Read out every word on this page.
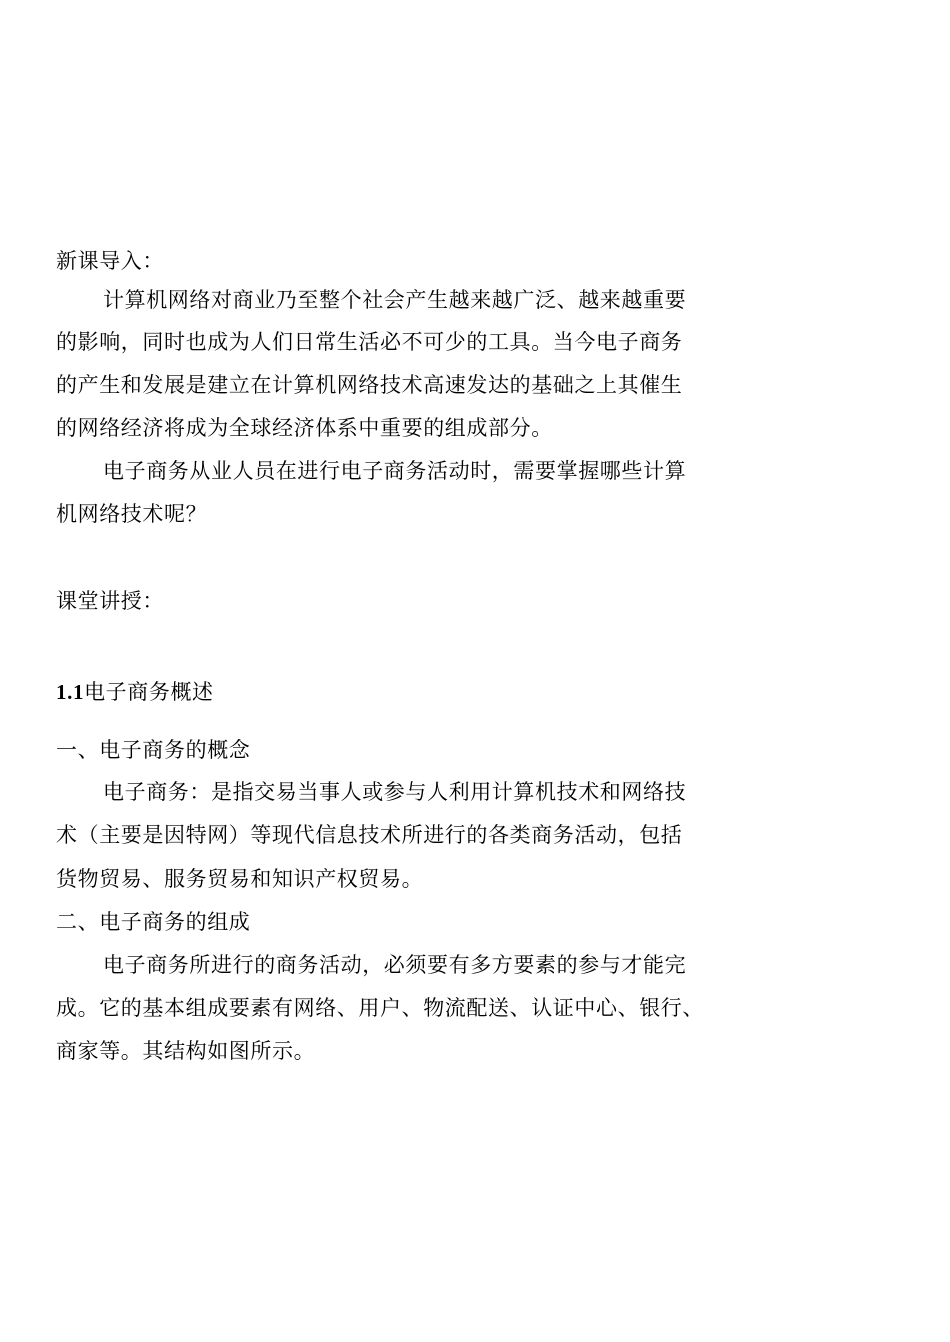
新课导入：
计算机网络对商业乃至整个社会产生越来越广泛、越来越重要
的影响，同时也成为人们日常生活必不可少的工具。当今电子商务
的产生和发展是建立在计算机网络技术高速发达的基础之上其催生
的网络经济将成为全球经济体系中重要的组成部分。
电子商务从业人员在进行电子商务活动时，需要掌握哪些计算
机网络技术呢？
课堂讲授：
1.1电子商务概述
一、电子商务的概念
电子商务：是指交易当事人或参与人利用计算机技术和网络技
术（主要是因特网）等现代信息技术所进行的各类商务活动，包括
货物贸易、服务贸易和知识产权贸易。
二、电子商务的组成
电子商务所进行的商务活动，必须要有多方要素的参与才能完
成。它的基本组成要素有网络、用户、物流配送、认证中心、银行、
商家等。其结构如图所示。
